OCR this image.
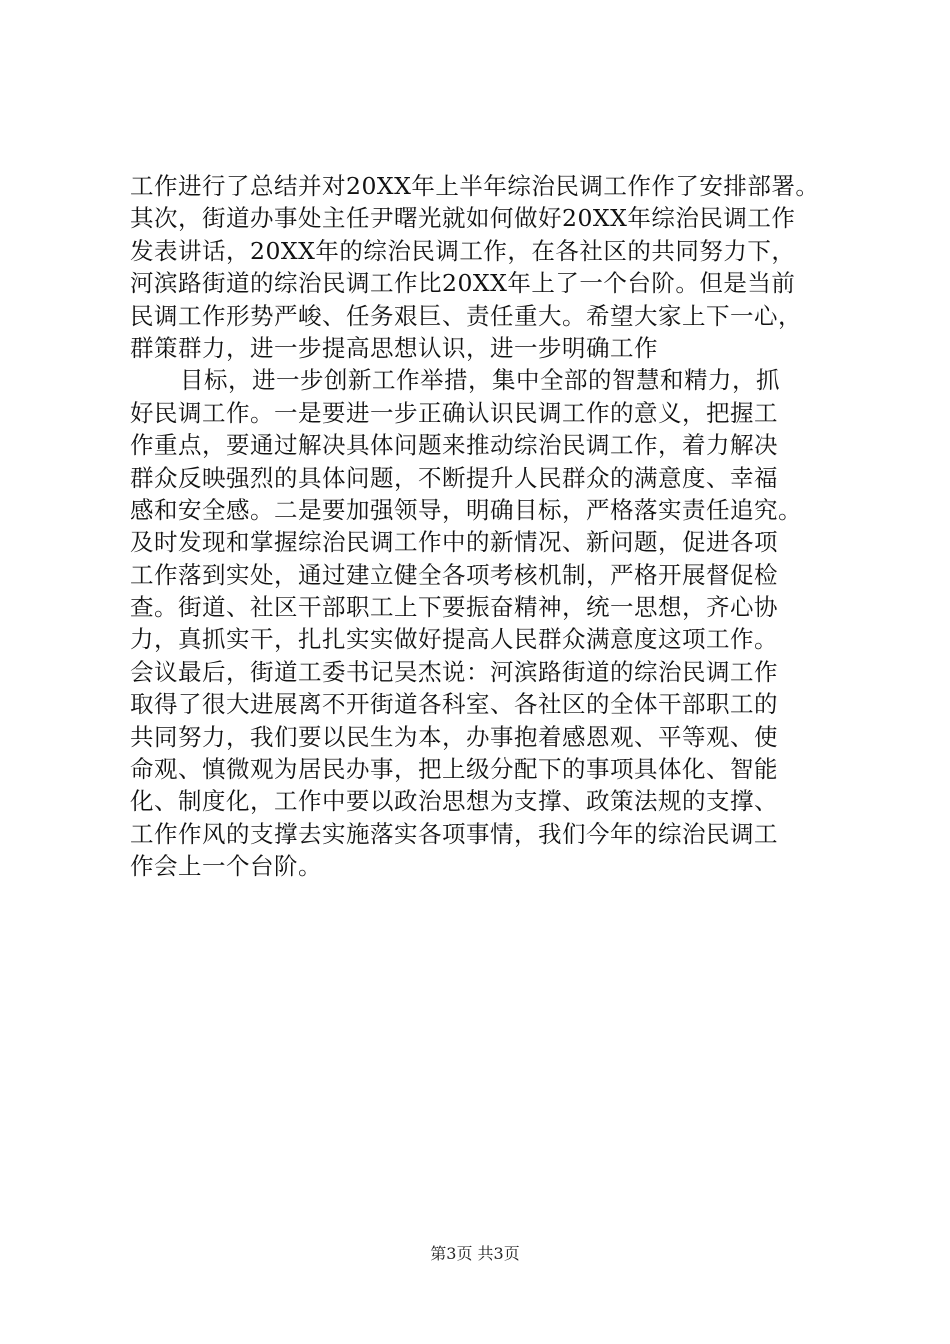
工作进行了总结并对20XX年上半年综治民调工作作了安排部署。
其次，街道办事处主任尹曙光就如何做好20XX年综治民调工作
发表讲话，20XX年的综治民调工作，在各社区的共同努力下，
河滨路街道的综治民调工作比20XX年上了一个台阶。但是当前
民调工作形势严峻、任务艰巨、责任重大。希望大家上下一心，
群策群力，进一步提高思想认识，进一步明确工作
目标，进一步创新工作举措，集中全部的智慧和精力，抓
好民调工作。一是要进一步正确认识民调工作的意义，把握工
作重点，要通过解决具体问题来推动综治民调工作，着力解决
群众反映强烈的具体问题，不断提升人民群众的满意度、幸福
感和安全感。二是要加强领导，明确目标，严格落实责任追究。
及时发现和掌握综治民调工作中的新情况、新问题，促进各项
工作落到实处，通过建立健全各项考核机制，严格开展督促检
查。街道、社区干部职工上下要振奋精神，统一思想，齐心协
力，真抓实干，扎扎实实做好提高人民群众满意度这项工作。
会议最后，街道工委书记吴杰说：河滨路街道的综治民调工作
取得了很大进展离不开街道各科室、各社区的全体干部职工的
共同努力，我们要以民生为本，办事抱着感恩观、平等观、使
命观、慎微观为居民办事，把上级分配下的事项具体化、智能
化、制度化，工作中要以政治思想为支撑、政策法规的支撑、
工作作风的支撑去实施落实各项事情，我们今年的综治民调工
作会上一个台阶。
第3页 共3页
